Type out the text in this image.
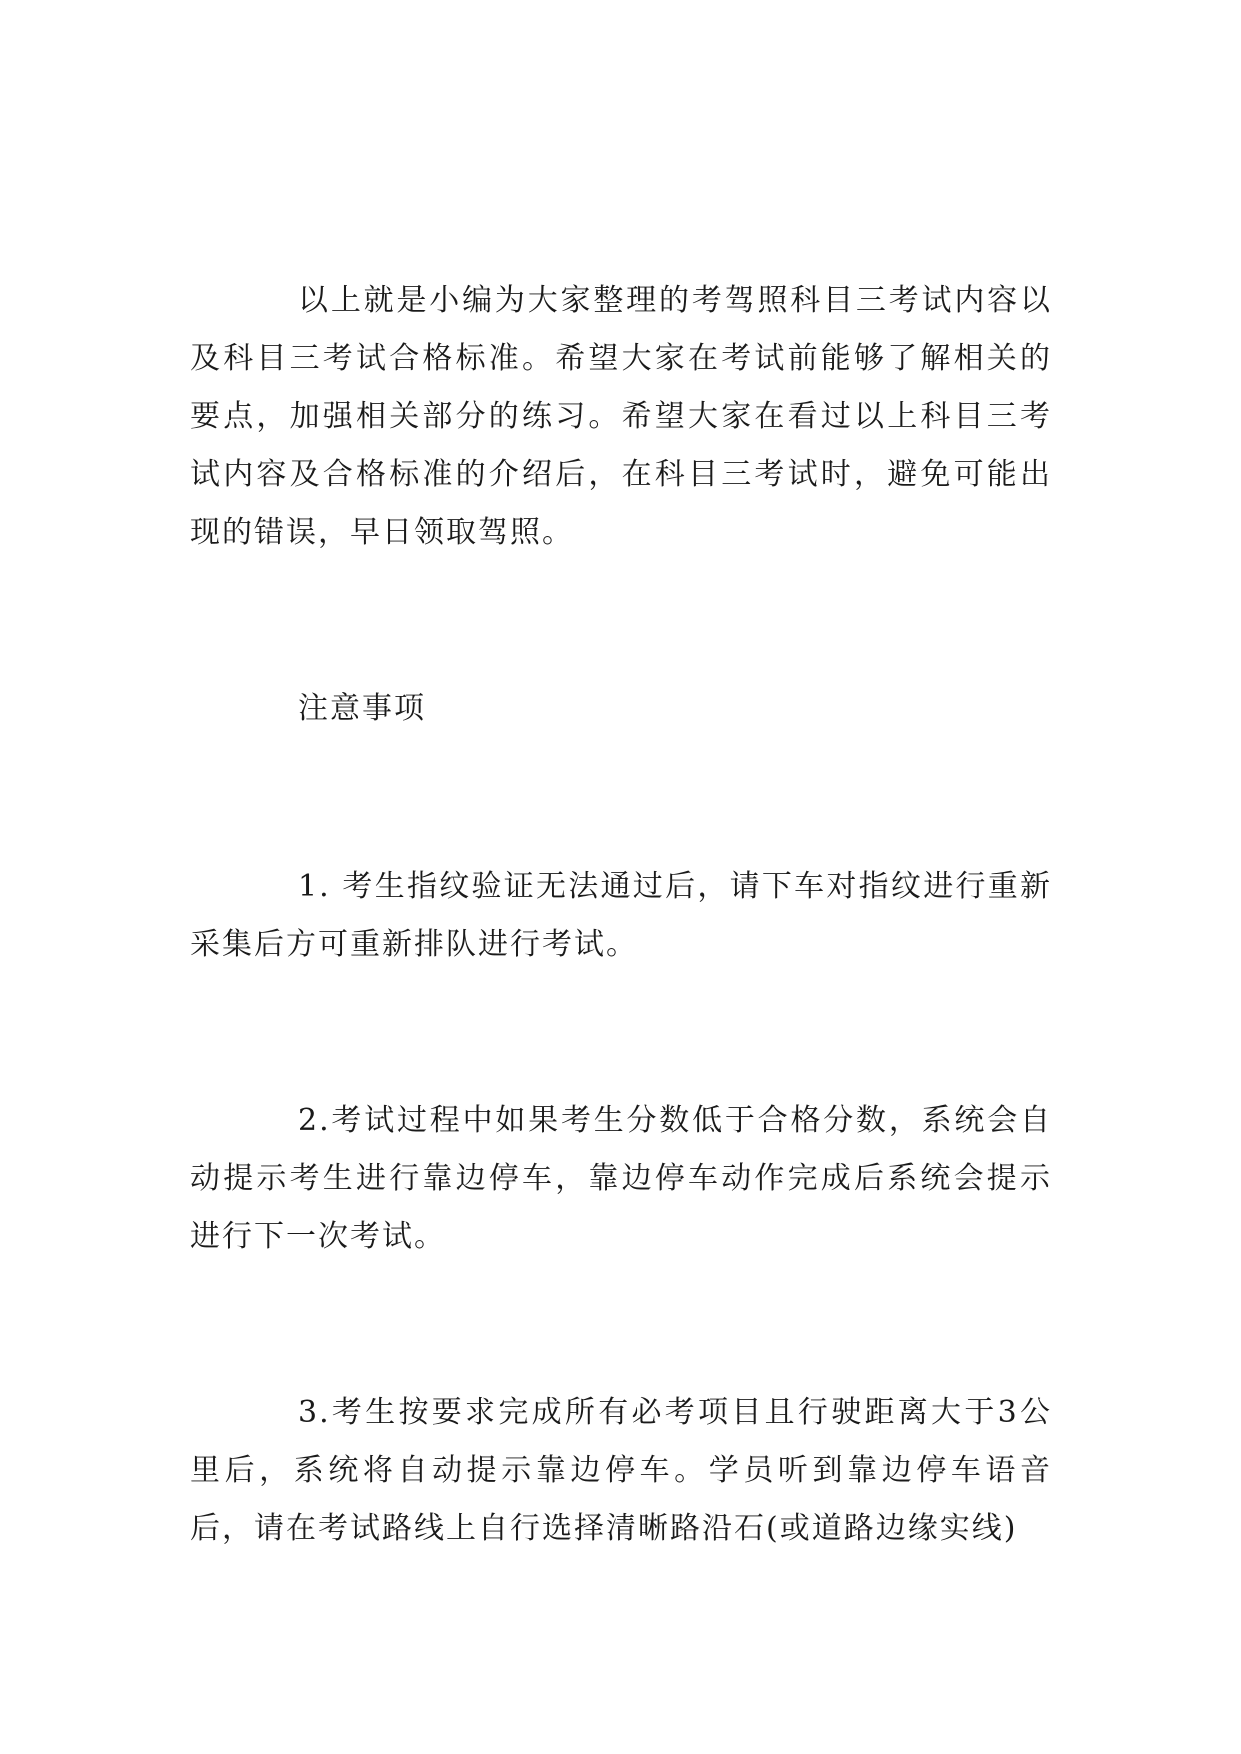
以上就是小编为大家整理的考驾照科目三考试内容以及科目三考试合格标准。希望大家在考试前能够了解相关的要点，加强相关部分的练习。希望大家在看过以上科目三考试内容及合格标准的介绍后，在科目三考试时，避免可能出现的错误，早日领取驾照。

注意事项

1. 考生指纹验证无法通过后，请下车对指纹进行重新采集后方可重新排队进行考试。

2.考试过程中如果考生分数低于合格分数，系统会自动提示考生进行靠边停车，靠边停车动作完成后系统会提示进行下一次考试。

3.考生按要求完成所有必考项目且行驶距离大于3公里后，系统将自动提示靠边停车。学员听到靠边停车语音后，请在考试路线上自行选择清晰路沿石(或道路边缘实线)
